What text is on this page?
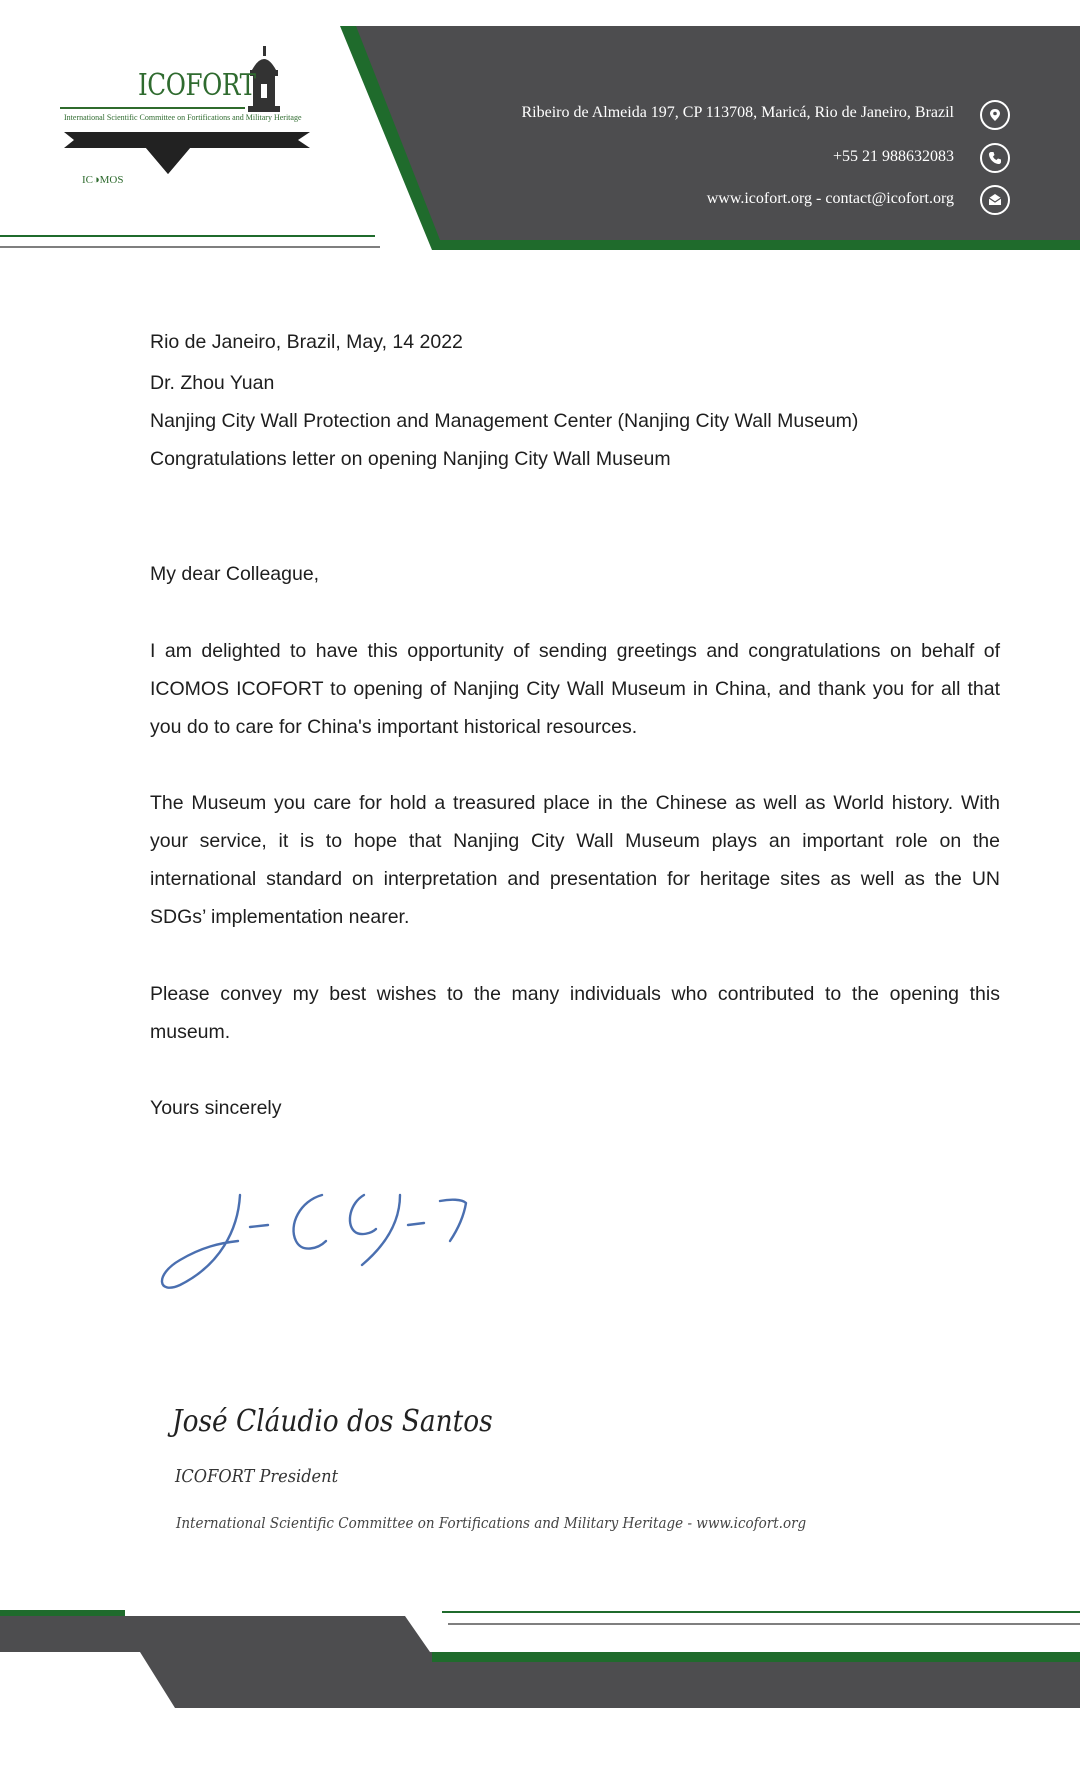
ICOFORT
International Scientific Committee on Fortifications and Military Heritage
IC◑MOS
Ribeiro de Almeida 197, CP 113708, Maricá, Rio de Janeiro, Brazil
+55 21 988632083
www.icofort.org - contact@icofort.org
Rio de Janeiro, Brazil, May, 14 2022
Dr. Zhou Yuan
Nanjing City Wall Protection and Management Center (Nanjing City Wall Museum)
Congratulations letter on opening Nanjing City Wall Museum
My dear Colleague,
I am delighted to have this opportunity of sending greetings and congratulations on behalf of ICOMOS ICOFORT to opening of Nanjing City Wall Museum in China, and thank you for all that you do to care for China's important historical resources.
The Museum you care for hold a treasured place in the Chinese as well as World history. With your service, it is to hope that Nanjing City Wall Museum plays an important role on the international standard on interpretation and presentation for heritage sites as well as the UN SDGs’ implementation nearer.
Please convey my best wishes to the many individuals who contributed to the opening this museum.
Yours sincerely
José Cláudio dos Santos
ICOFORT President
International Scientific Committee on Fortifications and Military Heritage - www.icofort.org
